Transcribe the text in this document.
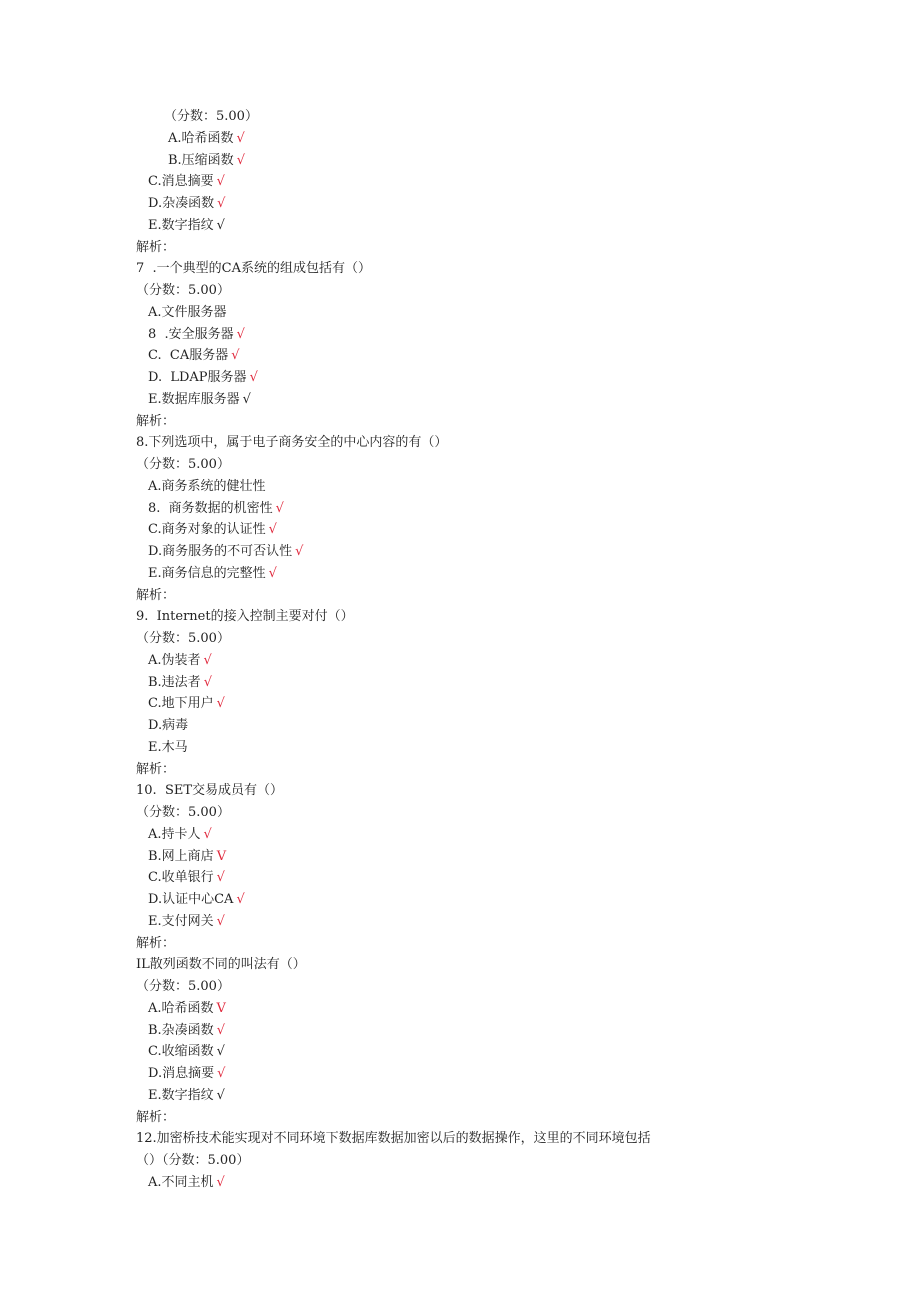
（分数：5.00）
A.哈希函数 √
B.压缩函数 √
C.消息摘要 √
D.杂凑函数 √
E.数字指纹 √
解析：
7  .一个典型的CA系统的组成包括有（）
（分数：5.00）
A.文件服务器
8  .安全服务器 √
C.  CA服务器 √
D.  LDAP服务器 √
E.数据库服务器 √
解析：
8.下列选项中，属于电子商务安全的中心内容的有（）
（分数：5.00）
A.商务系统的健壮性
8.  商务数据的机密性 √
C.商务对象的认证性 √
D.商务服务的不可否认性 √
E.商务信息的完整性 √
解析：
9.  Internet的接入控制主要对付（）
（分数：5.00）
A.伪装者 √
B.违法者 √
C.地下用户 √
D.病毒
E.木马
解析：
10.  SET交易成员有（）
（分数：5.00）
A.持卡人 √
B.网上商店 V
C.收单银行 √
D.认证中心CA √
E.支付网关 √
解析：
IL散列函数不同的叫法有（）
（分数：5.00）
A.哈希函数 V
B.杂凑函数 √
C.收缩函数 √
D.消息摘要 √
E.数字指纹 √
解析：
12.加密桥技术能实现对不同环境下数据库数据加密以后的数据操作，这里的不同环境包括
（）（分数：5.00）
A.不同主机 √
